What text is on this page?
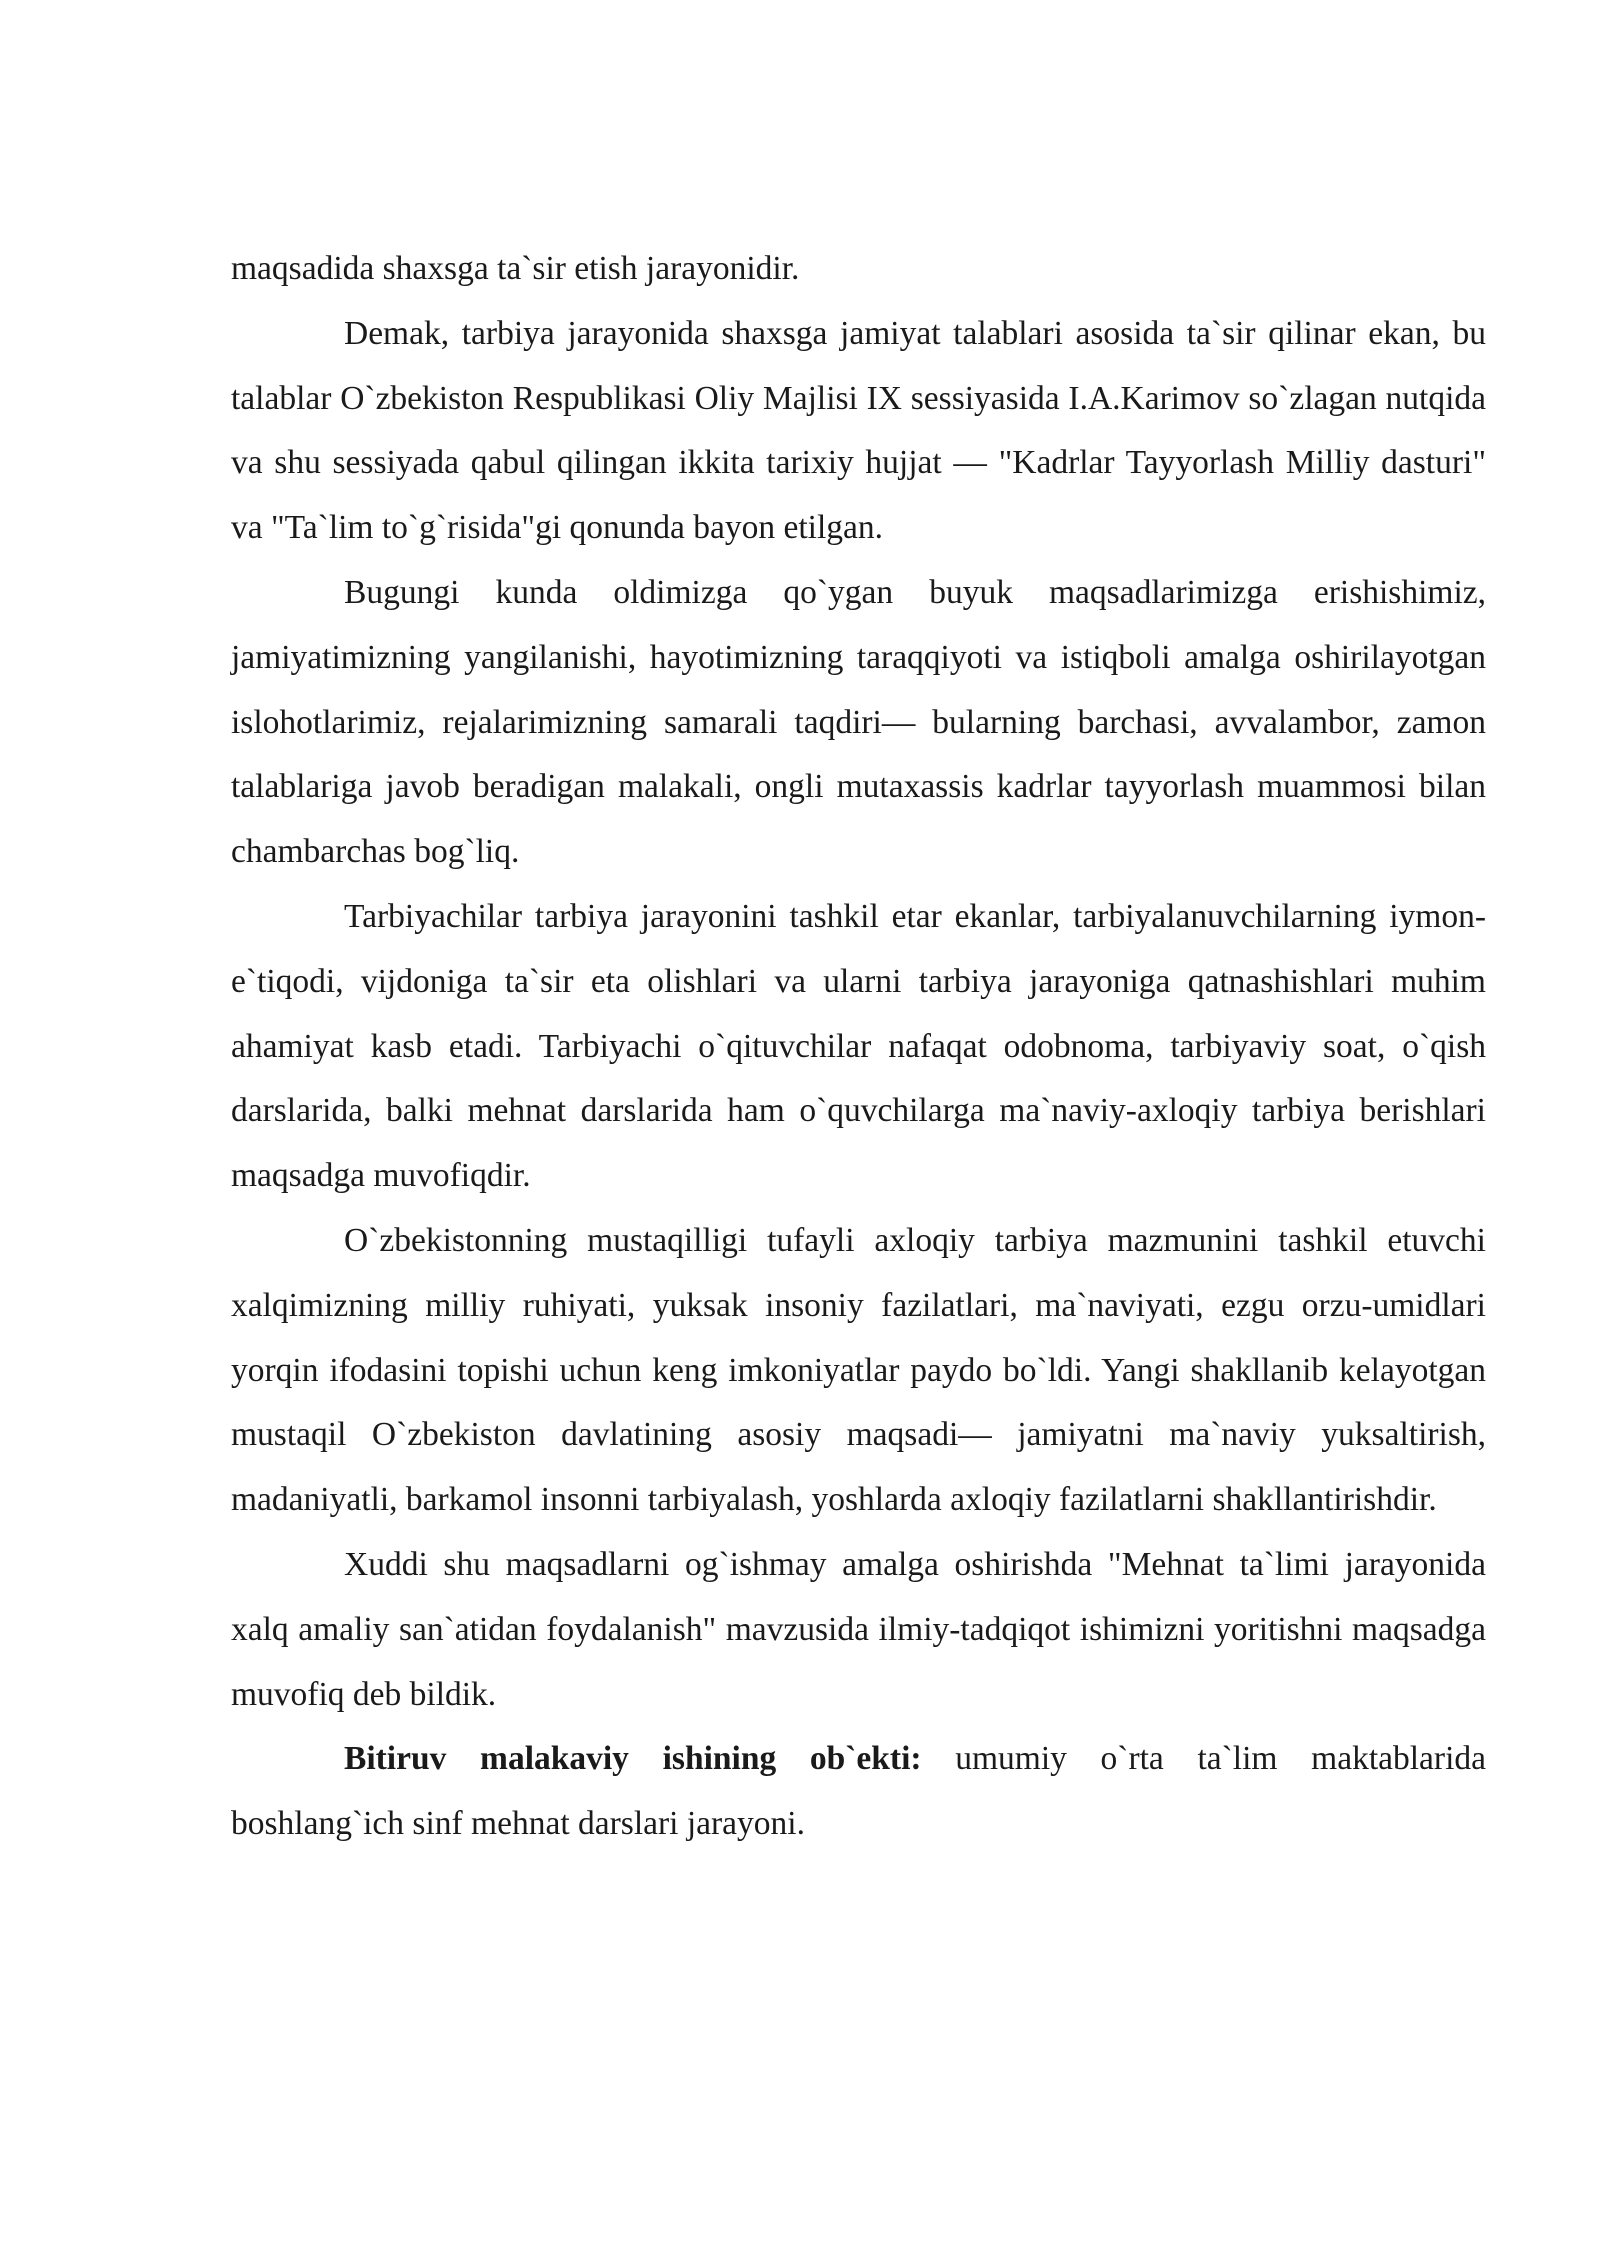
maqsadida shaxsga ta`sir etish jarayonidir.

Demak, tarbiya jarayonida shaxsga jamiyat talablari asosida ta`sir qilinar ekan, bu talablar O`zbekiston Respublikasi Oliy Majlisi IX sessiyasida I.A.Karimov so`zlagan nutqida va shu sessiyada qabul qilingan ikkita tarixiy hujjat — "Kadrlar Tayyorlash Milliy dasturi" va "Ta`lim to`g`risida"gi qonunda bayon etilgan.

Bugungi kunda oldimizga qo`ygan buyuk maqsadlarimizga erishishimiz, jamiyatimizning yangilanishi, hayotimizning taraqqiyoti va istiqboli amalga oshirilayotgan islohotlarimiz, rejalarimizning samarali taqdiri— bularning barchasi, avvalambor, zamon talablariga javob beradigan malakali, ongli mutaxassis kadrlar tayyorlash muammosi bilan chambarchas bog`liq.

Tarbiyachilar tarbiya jarayonini tashkil etar ekanlar, tarbiyalanuvchilarning iymon-e`tiqodi, vijdoniga ta`sir eta olishlari va ularni tarbiya jarayoniga qatnashishlari muhim ahamiyat kasb etadi. Tarbiyachi o`qituvchilar nafaqat odobnoma, tarbiyaviy soat, o`qish darslarida, balki mehnat darslarida ham o`quvchilarga ma`naviy-axloqiy tarbiya berishlari maqsadga muvofiqdir.

O`zbekistonning mustaqilligi tufayli axloqiy tarbiya mazmunini tashkil etuvchi xalqimizning milliy ruhiyati, yuksak insoniy fazilatlari, ma`naviyati, ezgu orzu-umidlari yorqin ifodasini topishi uchun keng imkoniyatlar paydo bo`ldi. Yangi shakllanib kelayotgan mustaqil O`zbekiston davlatining asosiy maqsadi— jamiyatni ma`naviy yuksaltirish, madaniyatli, barkamol insonni tarbiyalash, yoshlarda axloqiy fazilatlarni shakllantirishdir.

Xuddi shu maqsadlarni og`ishmay amalga oshirishda "Mehnat ta`limi jarayonida xalq amaliy san`atidan foydalanish" mavzusida ilmiy-tadqiqot ishimizni yoritishni maqsadga muvofiq deb bildik.

Bitiruv malakaviy ishining ob`ekti: umumiy o`rta ta`lim maktablarida boshlang`ich sinf mehnat darslari jarayoni.
